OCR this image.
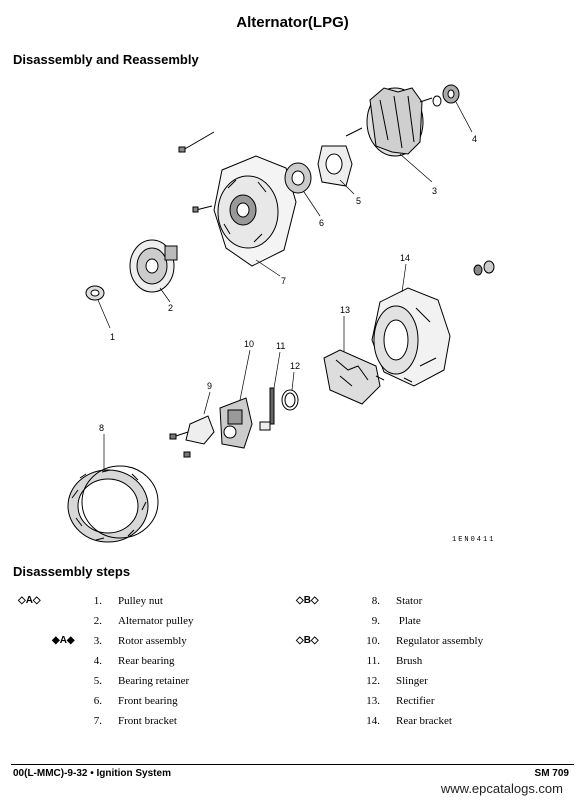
Alternator(LPG)
Disassembly and Reassembly
1
2
3
4
5
6
7
8
9
10 11
12
13
14
1EN0411
Disassembly steps
◇A◇	1. Pulley nut
2. Alternator pulley
◆A◆	3. Rotor assembly
4. Rear bearing
5. Bearing retainer
6. Front bearing
7. Front bracket
◇B◇	8. Stator
9. Plate
◇B◇	10. Regulator assembly
11. Brush
12. Slinger
13. Rectifier
14. Rear bracket
00(L-MMC)-9-32 • Ignition System	SM 709
www.epcatalogs.com
